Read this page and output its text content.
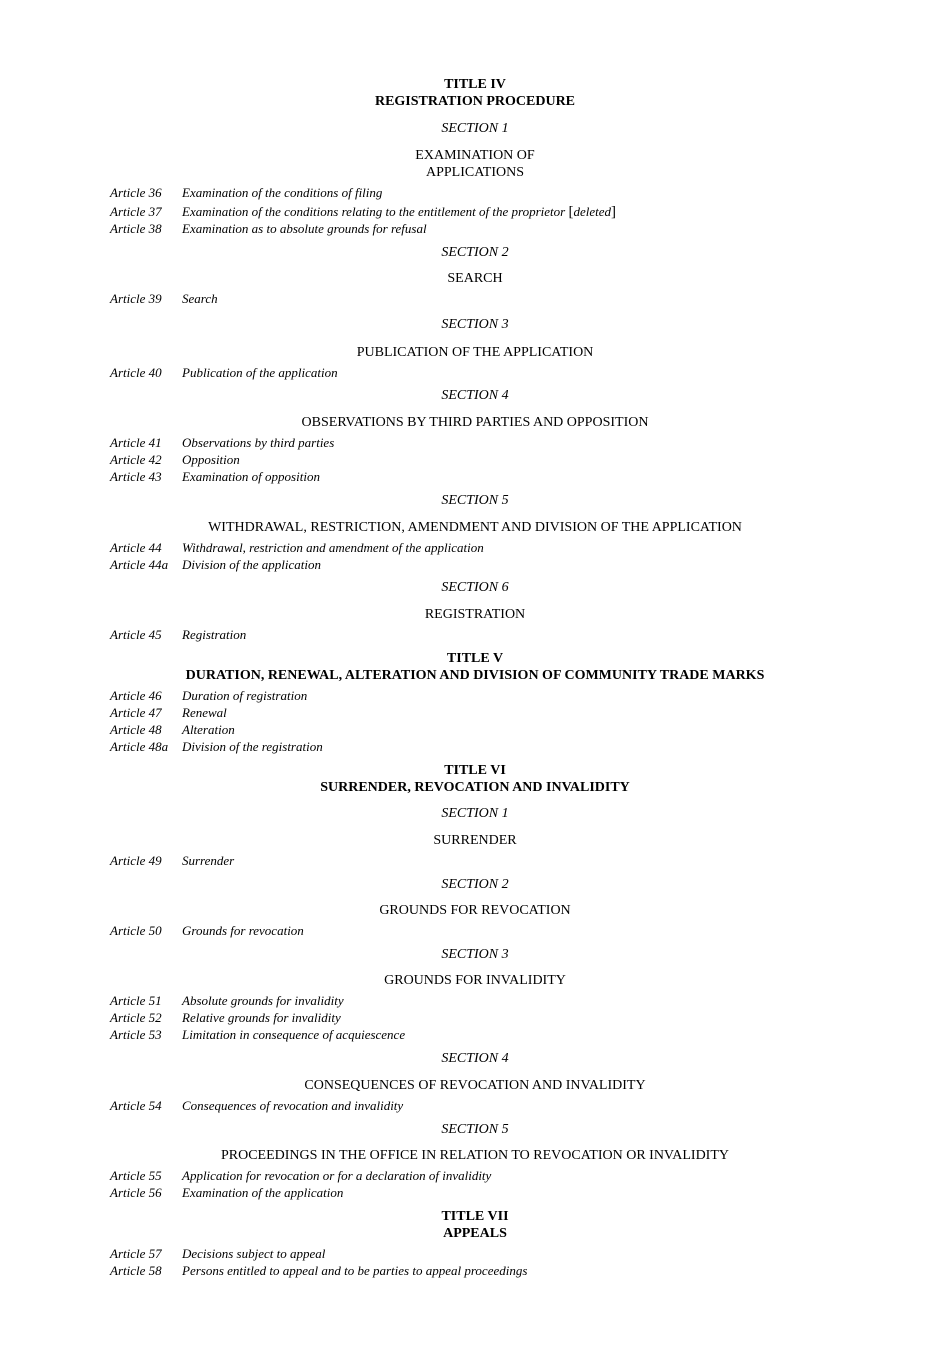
TITLE IV
REGISTRATION PROCEDURE
SECTION 1
EXAMINATION OF
APPLICATIONS
Article 36 Examination of the conditions of filing
Article 37 Examination of the conditions relating to the entitlement of the proprietor [deleted]
Article 38 Examination as to absolute grounds for refusal
SECTION 2
SEARCH
Article 39 Search
SECTION 3
PUBLICATION OF THE APPLICATION
Article 40 Publication of the application
SECTION 4
OBSERVATIONS BY THIRD PARTIES AND OPPOSITION
Article 41 Observations by third parties
Article 42 Opposition
Article 43 Examination of opposition
SECTION 5
WITHDRAWAL, RESTRICTION, AMENDMENT AND DIVISION OF THE APPLICATION
Article 44 Withdrawal, restriction and amendment of the application
Article 44a Division of the application
SECTION 6
REGISTRATION
Article 45 Registration
TITLE V
DURATION, RENEWAL, ALTERATION AND DIVISION OF COMMUNITY TRADE MARKS
Article 46 Duration of registration
Article 47 Renewal
Article 48 Alteration
Article 48a Division of the registration
TITLE VI
SURRENDER, REVOCATION AND INVALIDITY
SECTION 1
SURRENDER
Article 49 Surrender
SECTION 2
GROUNDS FOR REVOCATION
Article 50 Grounds for revocation
SECTION 3
GROUNDS FOR INVALIDITY
Article 51 Absolute grounds for invalidity
Article 52 Relative grounds for invalidity
Article 53 Limitation in consequence of acquiescence
SECTION 4
CONSEQUENCES OF REVOCATION AND INVALIDITY
Article 54 Consequences of revocation and invalidity
SECTION 5
PROCEEDINGS IN THE OFFICE IN RELATION TO REVOCATION OR INVALIDITY
Article 55 Application for revocation or for a declaration of invalidity
Article 56 Examination of the application
TITLE VII
APPEALS
Article 57 Decisions subject to appeal
Article 58 Persons entitled to appeal and to be parties to appeal proceedings
